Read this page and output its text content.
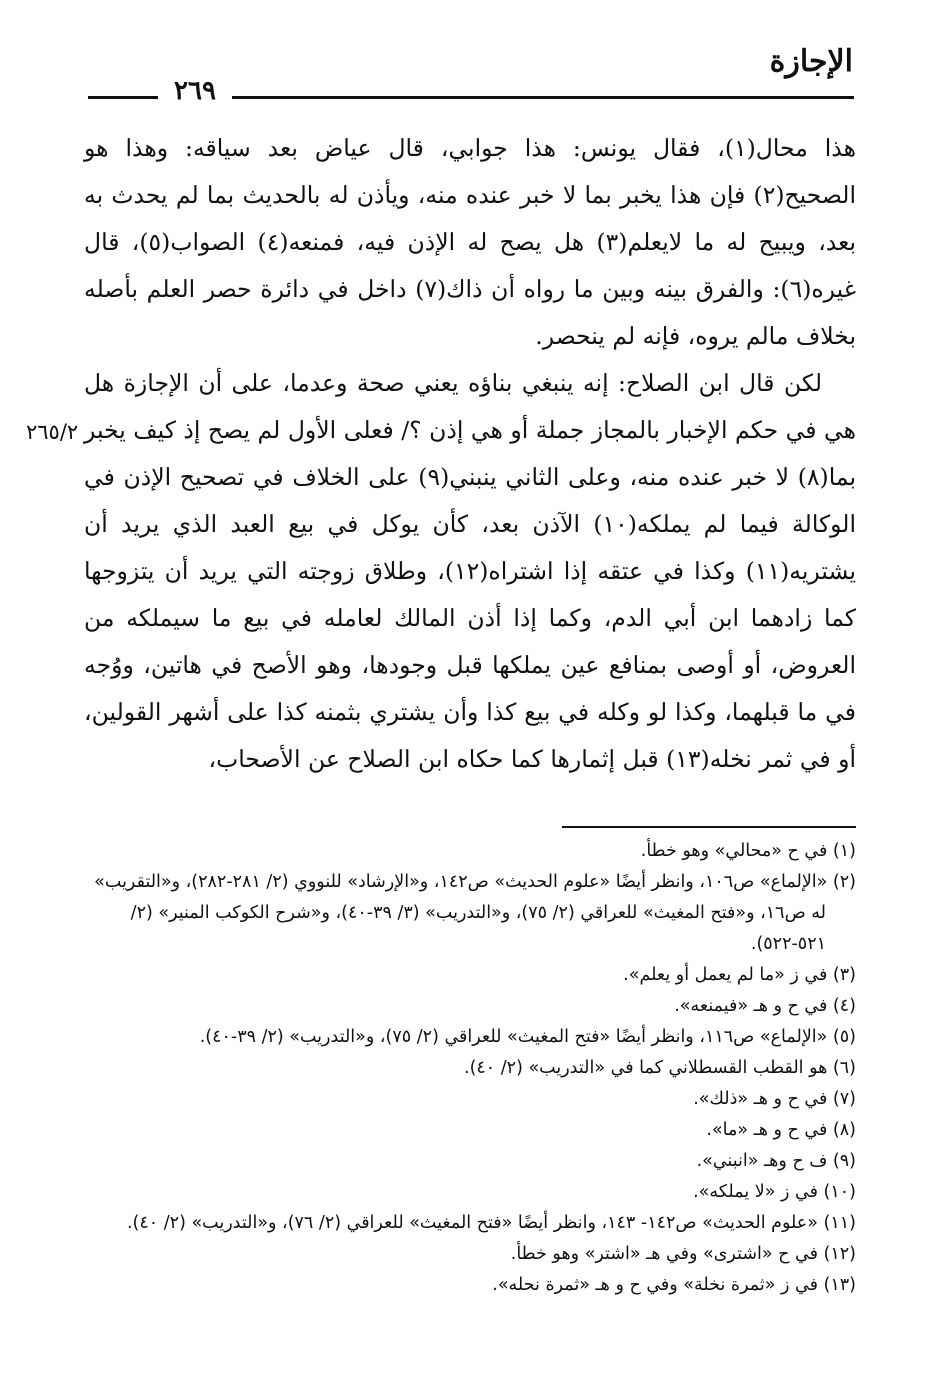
الإجازة
٢٦٩
٢٦٥/٢

هذا محال(١)، فقال يونس: هذا جوابي، قال عياض بعد سياقه: وهذا هو الصحيح(٢) فإن هذا يخبر بما لا خبر عنده منه، ويأذن له بالحديث بما لم يحدث به بعد، ويبيح له ما لايعلم(٣) هل يصح له الإذن فيه، فمنعه(٤) الصواب(٥)، قال غيره(٦): والفرق بينه وبين ما رواه أن ذاك(٧) داخل في دائرة حصر العلم بأصله بخلاف مالم يروه، فإنه لم ينحصر.

لكن قال ابن الصلاح: إنه ينبغي بناؤه يعني صحة وعدما، على أن الإجازة هل هي في حكم الإخبار بالمجاز جملة أو هي إذن ؟/ فعلى الأول لم يصح إذ كيف يخبر بما(٨) لا خبر عنده منه، وعلى الثاني ينبني(٩) على الخلاف في تصحيح الإذن في الوكالة فيما لم يملكه(١٠) الآذن بعد، كأن يوكل في بيع العبد الذي يريد أن يشتريه(١١) وكذا في عتقه إذا اشتراه(١٢)، وطلاق زوجته التي يريد أن يتزوجها كما زادهما ابن أبي الدم، وكما إذا أذن المالك لعامله في بيع ما سيملكه من العروض، أو أوصى بمنافع عين يملكها قبل وجودها، وهو الأصح في هاتين، ووُجه في ما قبلهما، وكذا لو وكله في بيع كذا وأن يشتري بثمنه كذا على أشهر القولين، أو في ثمر نخله(١٣) قبل إثمارها كما حكاه ابن الصلاح عن الأصحاب،

(١) في ح «محالي» وهو خطأ.

(٢) «الإلماع» ص١٠٦، وانظر أيضًا «علوم الحديث» ص١٤٢، و«الإرشاد» للنووي (٢/ ٢٨١-٢٨٢)، و«التقريب» له ص١٦، و«فتح المغيث» للعراقي (٢/ ٧٥)، و«التدريب» (٣/ ٣٩-٤٠)، و«شرح الكوكب المنير» (٢/ ٥٢١-٥٢٢).

(٣) في ز «ما لم يعمل أو يعلم».

(٤) في ح و هـ «فيمنعه».

(٥) «الإلماع» ص١١٦، وانظر أيضًا «فتح المغيث» للعراقي (٢/ ٧٥)، و«التدريب» (٢/ ٣٩-٤٠).

(٦) هو القطب القسطلاني كما في «التدريب» (٢/ ٤٠).

(٧) في ح و هـ «ذلك».

(٨) في ح و هـ «ما».

(٩) ف ح وهـ «انبني».

(١٠) في ز «لا يملكه».

(١١) «علوم الحديث» ص١٤٢- ١٤٣، وانظر أيضًا «فتح المغيث» للعراقي (٢/ ٧٦)، و«التدريب» (٢/ ٤٠).

(١٢) في ح «اشترى» وفي هـ «اشتر» وهو خطأ.

(١٣) في ز «ثمرة نخلة» وفي ح و هـ «ثمرة نحله».
